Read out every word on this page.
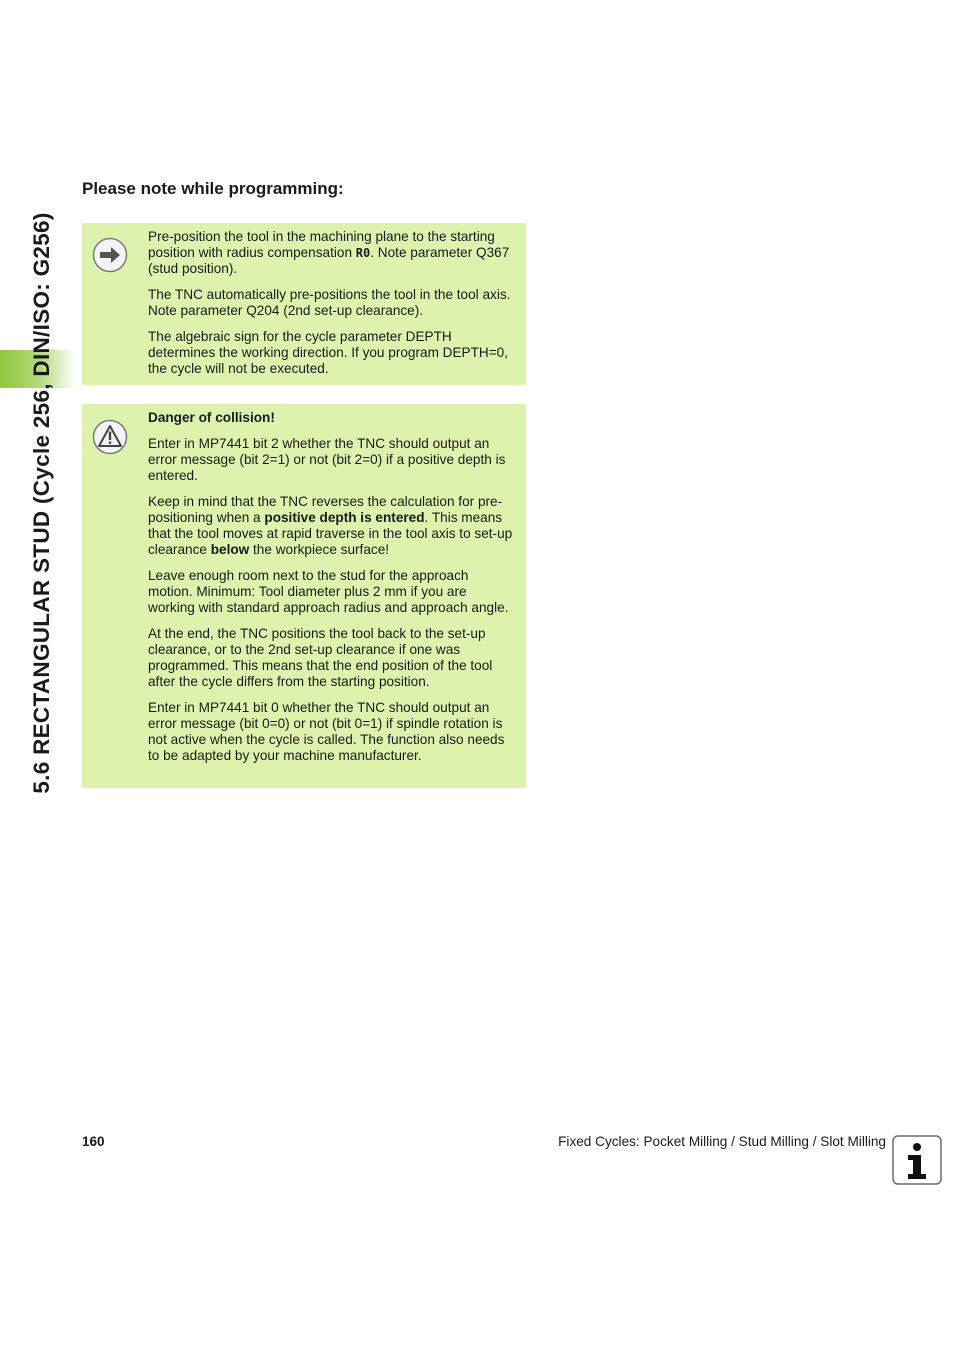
5.6 RECTANGULAR STUD (Cycle 256, DIN/ISO: G256)
Please note while programming:

Pre-position the tool in the machining plane to the starting position with radius compensation R0. Note parameter Q367 (stud position).

The TNC automatically pre-positions the tool in the tool axis. Note parameter Q204 (2nd set-up clearance).

The algebraic sign for the cycle parameter DEPTH determines the working direction. If you program DEPTH=0, the cycle will not be executed.

Danger of collision!

Enter in MP7441 bit 2 whether the TNC should output an error message (bit 2=1) or not (bit 2=0) if a positive depth is entered.

Keep in mind that the TNC reverses the calculation for pre-positioning when a positive depth is entered. This means that the tool moves at rapid traverse in the tool axis to set-up clearance below the workpiece surface!

Leave enough room next to the stud for the approach motion. Minimum: Tool diameter plus 2 mm if you are working with standard approach radius and approach angle.

At the end, the TNC positions the tool back to the set-up clearance, or to the 2nd set-up clearance if one was programmed. This means that the end position of the tool after the cycle differs from the starting position.

Enter in MP7441 bit 0 whether the TNC should output an error message (bit 0=0) or not (bit 0=1) if spindle rotation is not active when the cycle is called. The function also needs to be adapted by your machine manufacturer.

160	Fixed Cycles: Pocket Milling / Stud Milling / Slot Milling
